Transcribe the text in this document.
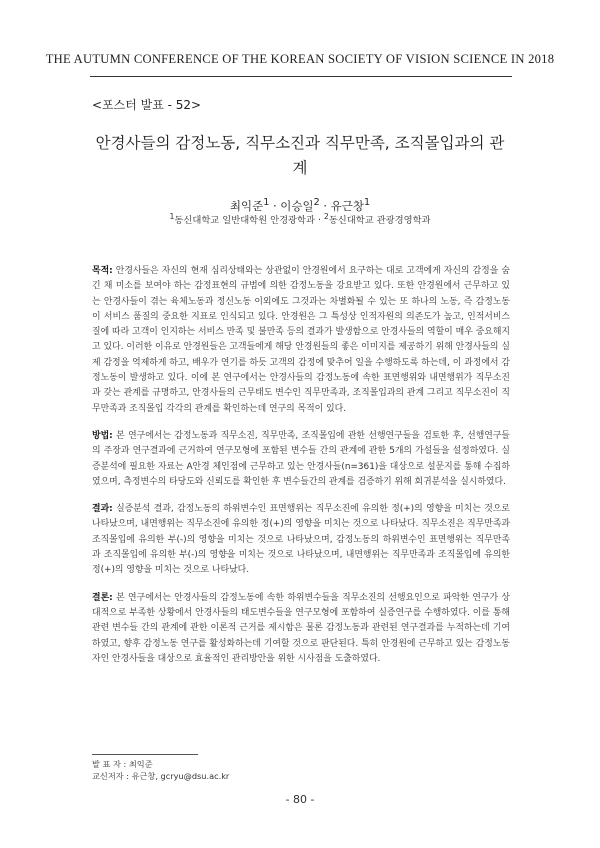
THE AUTUMN CONFERENCE OF THE KOREAN SOCIETY OF VISION SCIENCE IN 2018
<포스터 발표 - 52>
안경사들의 감정노동, 직무소진과 직무만족, 조직몰입과의 관계
최익준$^1$ · 이승일$^2$ · 유근창$^1$
$^1$동신대학교 일반대학원 안경광학과 · $^2$동신대학교 관광경영학과

목적: 안경사들은 자신의 현재 심리상태와는 상관없이 안경원에서 요구하는 대로 고객에게 자신의 감정을 숨긴 채 미소를 보여야 하는 감정표현의 규범에 의한 감정노동을 강요받고 있다. 또한 안경원에서 근무하고 있는 안경사들이 겪는 육체노동과 정신노동 이외에도 그것과는 차별화될 수 있는 또 하나의 노동, 즉 감정노동이 서비스 품질의 중요한 지표로 인식되고 있다. 안경원은 그 특성상 인적자원의 의존도가 높고, 인적서비스 질에 따라 고객이 인지하는 서비스 만족 및 불만족 등의 결과가 발생함으로 안경사들의 역할이 매우 중요해지고 있다. 이러한 이유로 안경원들은 고객들에게 해당 안경원들의 좋은 이미지를 제공하기 위해 안경사들의 실제 감정을 억제하게 하고, 배우가 연기를 하듯 고객의 감정에 맞추어 일을 수행하도록 하는데, 이 과정에서 감정노동이 발생하고 있다. 이에 본 연구에서는 안경사들의 감정노동에 속한 표면행위와 내면행위가 직무소진과 갖는 관계를 규명하고, 안경사들의 근무태도 변수인 직무만족과, 조직몰입과의 관계 그리고 직무소진이 직무만족과 조직몰입 각각의 관계를 확인하는데 연구의 목적이 있다.

방법: 본 연구에서는 감정노동과 직무소진, 직무만족, 조직몰입에 관한 선행연구들을 검토한 후, 선행연구들의 주장과 연구결과에 근거하여 연구모형에 포함된 변수들 간의 관계에 관한 5개의 가설들을 설정하였다. 실증분석에 필요한 자료는 A안경 체인점에 근무하고 있는 안경사들(n=361)을 대상으로 설문지를 통해 수집하였으며, 측정변수의 타당도와 신뢰도를 확인한 후 변수들간의 관계를 검증하기 위해 회귀분석을 실시하였다.

결과: 실증분석 결과, 감정노동의 하위변수인 표면행위는 직무소진에 유의한 정(+)의 영향을 미치는 것으로 나타났으며, 내면행위는 직무소진에 유의한 정(+)의 영향을 미치는 것으로 나타났다. 직무소진은 직무만족과 조직몰입에 유의한 부(-)의 영향을 미치는 것으로 나타났으며, 감정노동의 하위변수인 표면행위는 직무만족과 조직몰입에 유의한 부(-)의 영향을 미치는 것으로 나타났으며, 내면행위는 직무만족과 조직몰입에 유의한 정(+)의 영향을 미치는 것으로 나타났다.

결론: 본 연구에서는 안경사들의 감정노동에 속한 하위변수들을 직무소진의 선행요인으로 파악한 연구가 상대적으로 부족한 상황에서 안경사들의 태도변수들을 연구모형에 포함하여 실증연구를 수행하였다. 이를 통해 관련 변수들 간의 관계에 관한 이론적 근거를 제시함은 물론 감정노동과 관련된 연구결과를 누적하는데 기여하였고, 향후 감정노동 연구를 활성화하는데 기여할 것으로 판단된다. 특히 안경원에 근무하고 있는 감정노동자인 안경사들을 대상으로 효율적인 관리방안을 위한 시사점을 도출하였다.

발 표 자 : 최익준
교신저자 : 유근창, gcryu@dsu.ac.kr
- 80 -
